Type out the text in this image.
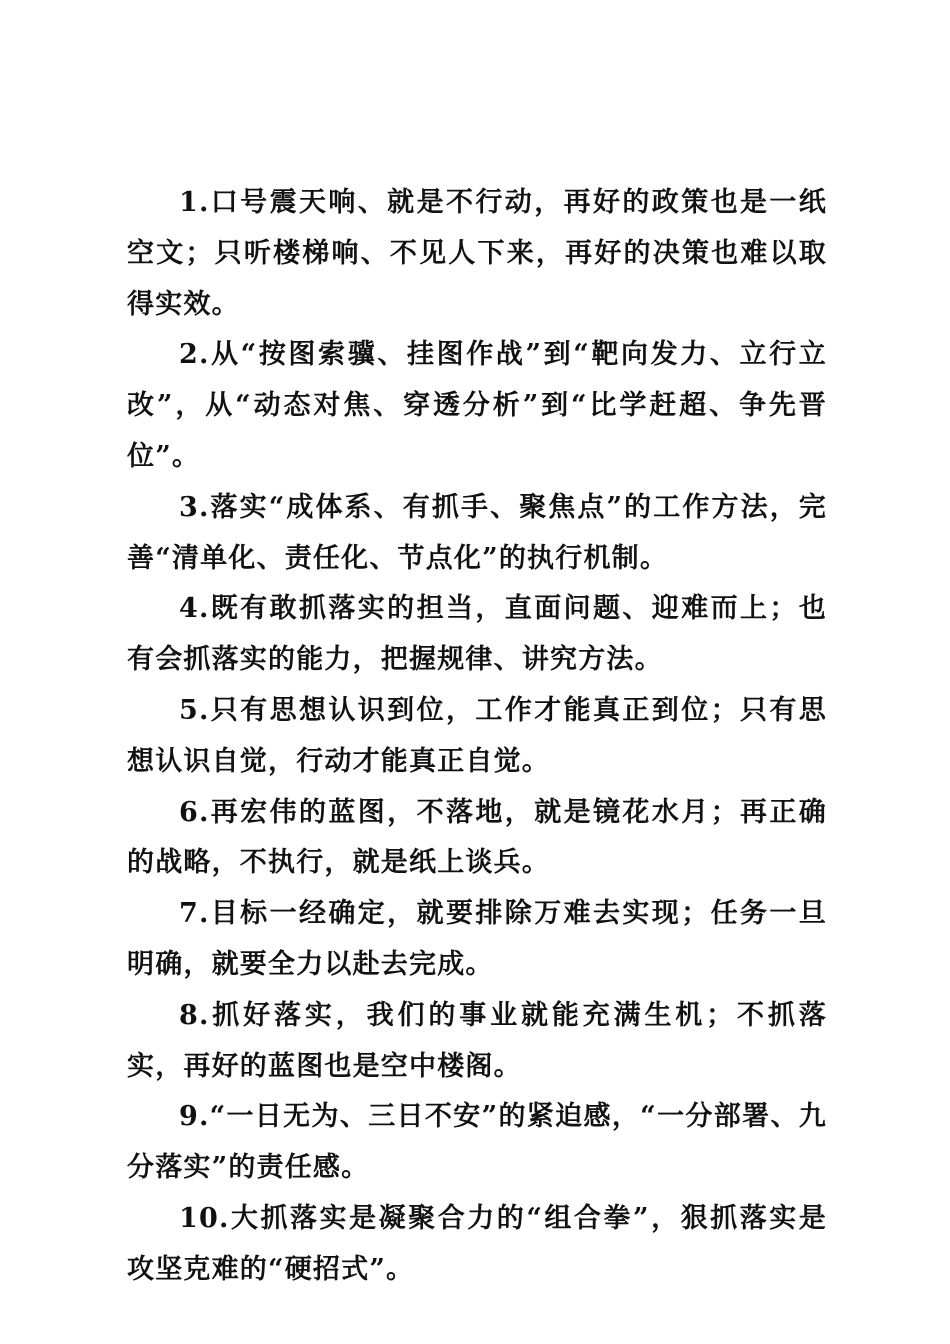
1.口号震天响、就是不行动，再好的政策也是一纸空文；只听楼梯响、不见人下来，再好的决策也难以取得实效。

2.从“按图索骥、挂图作战”到“靶向发力、立行立改”，从“动态对焦、穿透分析”到“比学赶超、争先晋位”。

3.落实“成体系、有抓手、聚焦点”的工作方法，完善“清单化、责任化、节点化”的执行机制。

4.既有敢抓落实的担当，直面问题、迎难而上；也有会抓落实的能力，把握规律、讲究方法。

5.只有思想认识到位，工作才能真正到位；只有思想认识自觉，行动才能真正自觉。

6.再宏伟的蓝图，不落地，就是镜花水月；再正确的战略，不执行，就是纸上谈兵。

7.目标一经确定，就要排除万难去实现；任务一旦明确，就要全力以赴去完成。

8.抓好落实，我们的事业就能充满生机；不抓落实，再好的蓝图也是空中楼阁。

9.“一日无为、三日不安”的紧迫感，“一分部署、九分落实”的责任感。

10.大抓落实是凝聚合力的“组合拳”，狠抓落实是攻坚克难的“硬招式”。
